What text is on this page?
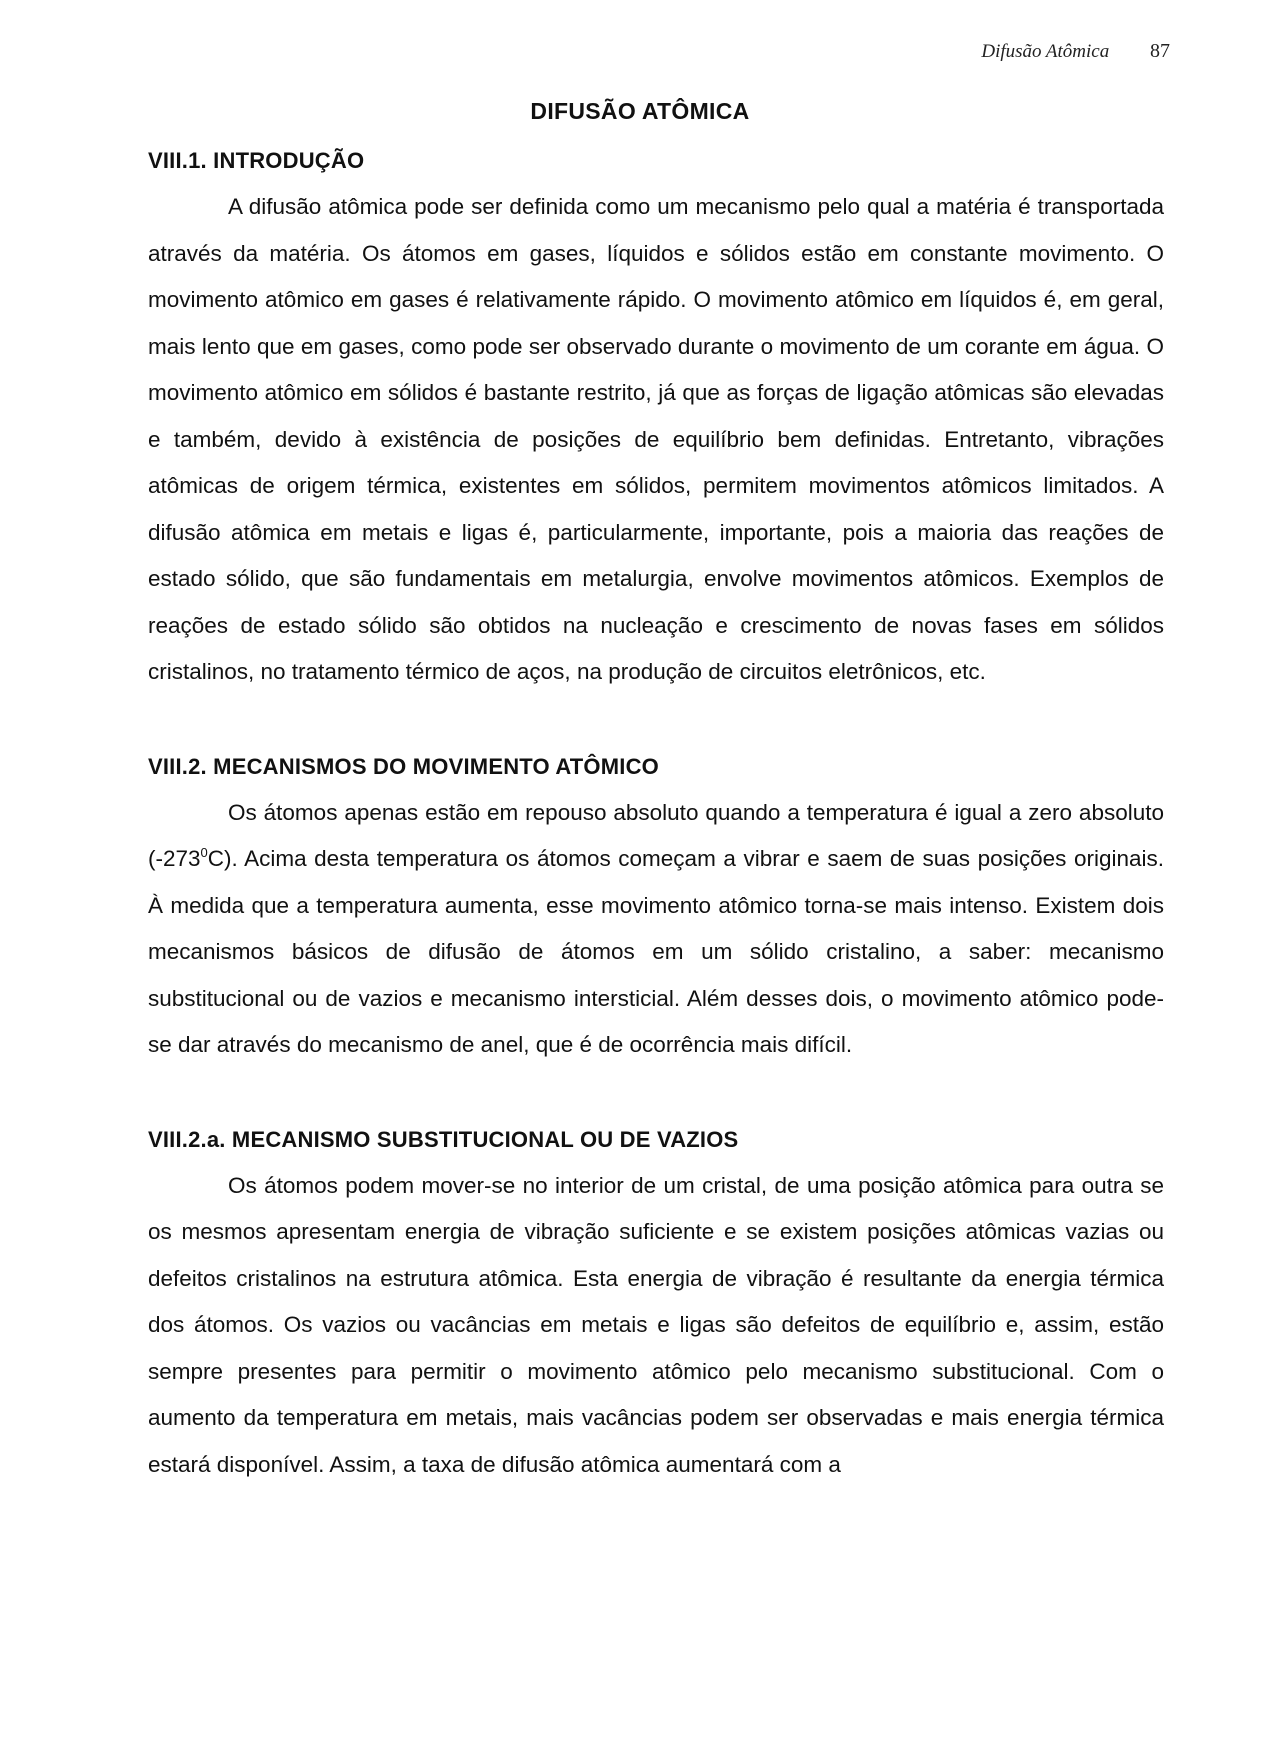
Difusão Atômica 87
DIFUSÃO ATÔMICA
VIII.1. INTRODUÇÃO

A difusão atômica pode ser definida como um mecanismo pelo qual a matéria é transportada através da matéria. Os átomos em gases, líquidos e sólidos estão em constante movimento. O movimento atômico em gases é relativamente rápido. O movimento atômico em líquidos é, em geral, mais lento que em gases, como pode ser observado durante o movimento de um corante em água. O movimento atômico em sólidos é bastante restrito, já que as forças de ligação atômicas são elevadas e também, devido à existência de posições de equilíbrio bem definidas. Entretanto, vibrações atômicas de origem térmica, existentes em sólidos, permitem movimentos atômicos limitados. A difusão atômica em metais e ligas é, particularmente, importante, pois a maioria das reações de estado sólido, que são fundamentais em metalurgia, envolve movimentos atômicos. Exemplos de reações de estado sólido são obtidos na nucleação e crescimento de novas fases em sólidos cristalinos, no tratamento térmico de aços, na produção de circuitos eletrônicos, etc.

VIII.2. MECANISMOS DO MOVIMENTO ATÔMICO

Os átomos apenas estão em repouso absoluto quando a temperatura é igual a zero absoluto $(-273^0C)$. Acima desta temperatura os átomos começam a vibrar e saem de suas posições originais. À medida que a temperatura aumenta, esse movimento atômico torna-se mais intenso. Existem dois mecanismos básicos de difusão de átomos em um sólido cristalino, a saber: mecanismo substitucional ou de vazios e mecanismo intersticial. Além desses dois, o movimento atômico pode-se dar através do mecanismo de anel, que é de ocorrência mais difícil.

VIII.2.a. MECANISMO SUBSTITUCIONAL OU DE VAZIOS

Os átomos podem mover-se no interior de um cristal, de uma posição atômica para outra se os mesmos apresentam energia de vibração suficiente e se existem posições atômicas vazias ou defeitos cristalinos na estrutura atômica. Esta energia de vibração é resultante da energia térmica dos átomos. Os vazios ou vacâncias em metais e ligas são defeitos de equilíbrio e, assim, estão sempre presentes para permitir o movimento atômico pelo mecanismo substitucional. Com o aumento da temperatura em metais, mais vacâncias podem ser observadas e mais energia térmica estará disponível. Assim, a taxa de difusão atômica aumentará com a
